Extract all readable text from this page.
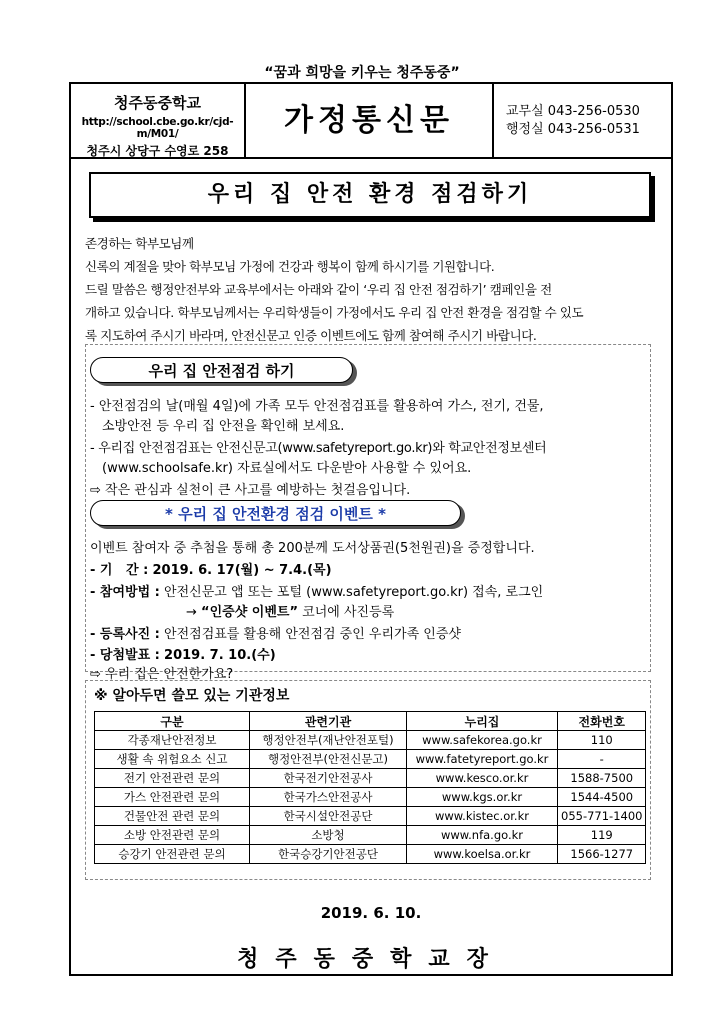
“꿈과 희망을 키우는 청주동중”
청주동중학교
http://school.cbe.go.kr/cjd-m/M01/
청주시 상당구 수영로 258
가정통신문	교무실 043-256-0530
행정실 043-256-0531
우리 집 안전 환경 점검하기

존경하는 학부모님께

신록의 계절을 맞아 학부모님 가정에 건강과 행복이 함께 하시기를 기원합니다.

드릴 말씀은 행정안전부와 교육부에서는 아래와 같이 ‘우리 집 안전 점검하기’ 캠페인을 전

개하고 있습니다. 학부모님께서는 우리학생들이 가정에서도 우리 집 안전 환경을 점검할 수 있도

록 지도하여 주시기 바라며, 안전신문고 인증 이벤트에도 함께 참여해 주시기 바랍니다.

우리 집 안전점검 하기
- 안전점검의 날(매월 4일)에 가족 모두 안전점검표를 활용하여 가스, 전기, 건물,
소방안전 등 우리 집 안전을 확인해 보세요.
- 우리집 안전점검표는 안전신문고(www.safetyreport.go.kr)와 학교안전정보센터
(www.schoolsafe.kr) 자료실에서도 다운받아 사용할 수 있어요.
⇨ 작은 관심과 실천이 큰 사고를 예방하는 첫걸음입니다.
* 우리 집 안전환경 점검 이벤트 *
이벤트 참여자 중 추첨을 통해 총 200분께 도서상품권(5천원권)을 증정합니다.
- 기   간 : 2019. 6. 17(월) ~ 7.4.(목)
- 참여방법 : 안전신문고 앱 또는 포털 (www.safetyreport.go.kr) 접속, 로그인
→ “인증샷 이벤트” 코너에 사진등록
- 등록사진 : 안전점검표를 활용해 안전점검 중인 우리가족 인증샷
- 당첨발표 : 2019. 7. 10.(수)
⇨ 우리 집은 안전한가요?
※ 알아두면 쓸모 있는 기관정보
구분	관련기관	누리집	전화번호
각종재난안전정보	행정안전부(재난안전포털)	www.safekorea.go.kr	110
생활 속 위험요소 신고	행정안전부(안전신문고)	www.fatetyreport.go.kr	-
전기 안전관련 문의	한국전기안전공사	www.kesco.or.kr	1588-7500
가스 안전관련 문의	한국가스안전공사	www.kgs.or.kr	1544-4500
건물안전 관련 문의	한국시설안전공단	www.kistec.or.kr	055-771-1400
소방 안전관련 문의	소방청	www.nfa.go.kr	119
승강기 안전관련 문의	한국승강기안전공단	www.koelsa.or.kr	1566-1277
2019. 6. 10.
청주동중학교장
